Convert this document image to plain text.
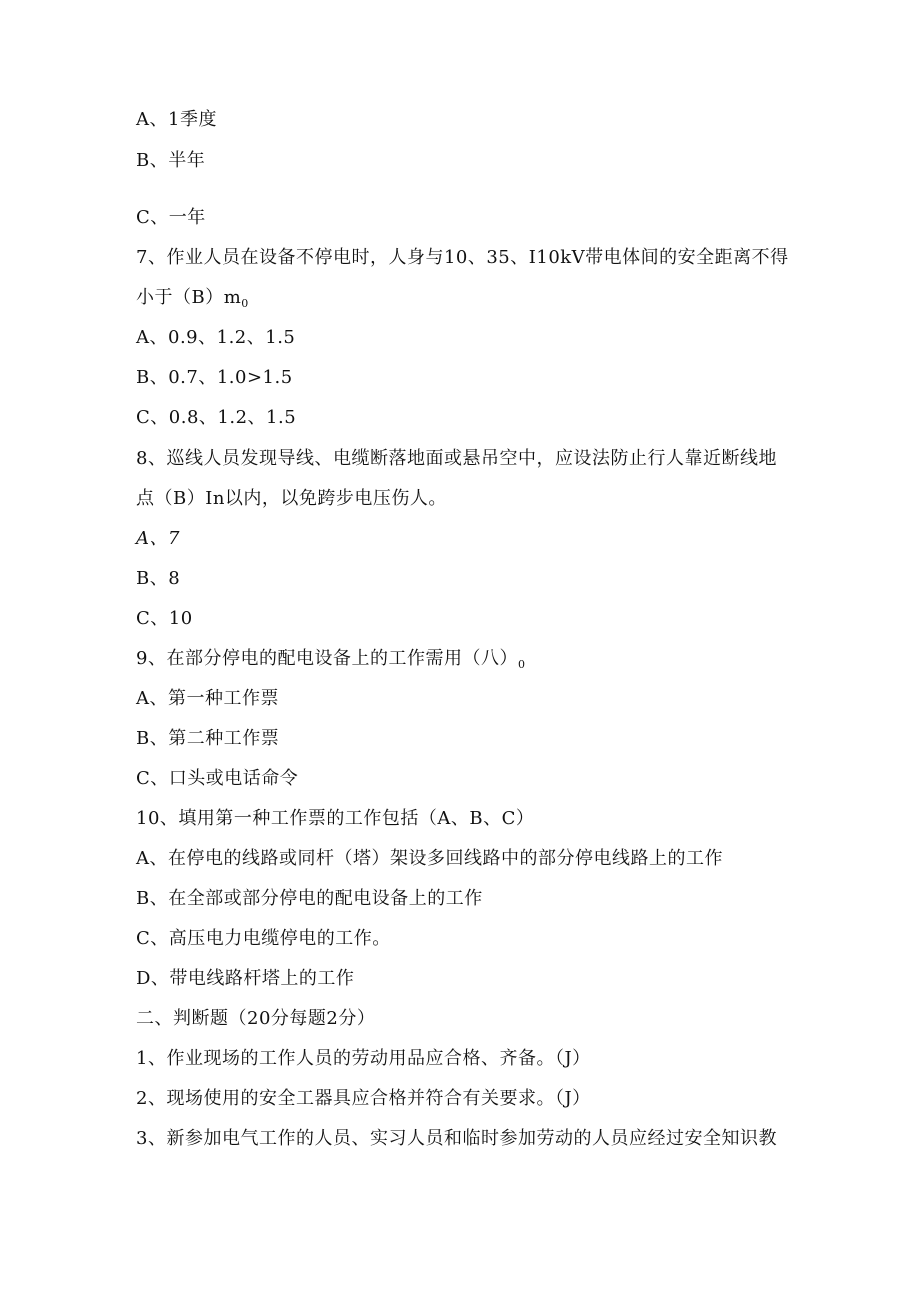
A、1季度
B、半年
C、一年
7、作业人员在设备不停电时，人身与10、35、I10kV带电体间的安全距离不得
小于$(B)m_0$
A、0.9、1.2、1.5
B、0.7、1.0>1.5
C、0.8、1.2、1.5
8、巡线人员发现导线、电缆断落地面或悬吊空中，应设法防止行人靠近断线地
点（B）In以内，以免跨步电压伤人。
A、7
B、8
C、10
9、在部分停电的配电设备上的工作需用（八）$_0$
A、第一种工作票
B、第二种工作票
C、口头或电话命令
10、填用第一种工作票的工作包括（A、B、C）
A、在停电的线路或同杆（塔）架设多回线路中的部分停电线路上的工作
B、在全部或部分停电的配电设备上的工作
C、高压电力电缆停电的工作。
D、带电线路杆塔上的工作
二、判断题（20分每题2分）
1、作业现场的工作人员的劳动用品应合格、齐备。（J）
2、现场使用的安全工器具应合格并符合有关要求。（J）
3、新参加电气工作的人员、实习人员和临时参加劳动的人员应经过安全知识教
